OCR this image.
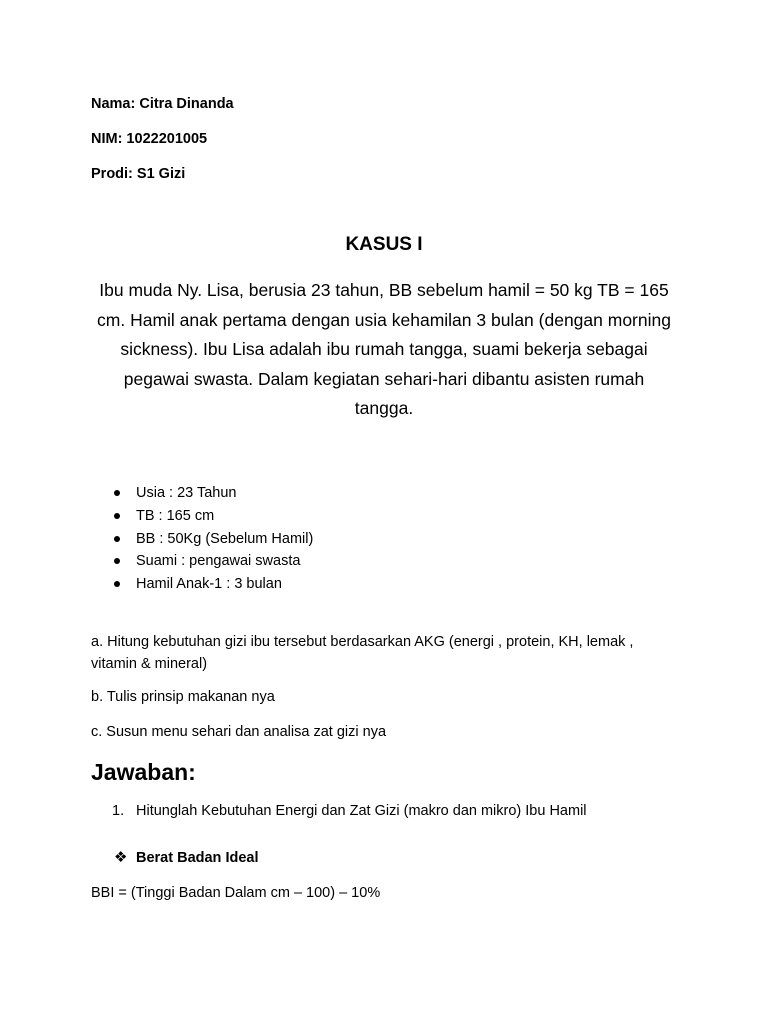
Nama: Citra Dinanda
NIM: 1022201005
Prodi: S1 Gizi
KASUS I
Ibu muda Ny. Lisa, berusia 23 tahun, BB sebelum hamil = 50 kg TB = 165 cm. Hamil anak pertama dengan usia kehamilan 3 bulan (dengan morning sickness). Ibu Lisa adalah ibu rumah tangga, suami bekerja sebagai pegawai swasta. Dalam kegiatan sehari-hari dibantu asisten rumah tangga.
Usia : 23 Tahun
TB : 165 cm
BB : 50Kg (Sebelum Hamil)
Suami : pengawai swasta
Hamil Anak-1 : 3 bulan
a. Hitung kebutuhan gizi ibu tersebut berdasarkan AKG (energi , protein, KH, lemak , vitamin & mineral)
b. Tulis prinsip makanan nya
c. Susun menu sehari dan analisa zat gizi nya
Jawaban:
1. Hitunglah Kebutuhan Energi dan Zat Gizi (makro dan mikro) Ibu Hamil
❖ Berat Badan Ideal
BBI = (Tinggi Badan Dalam cm – 100) – 10%
